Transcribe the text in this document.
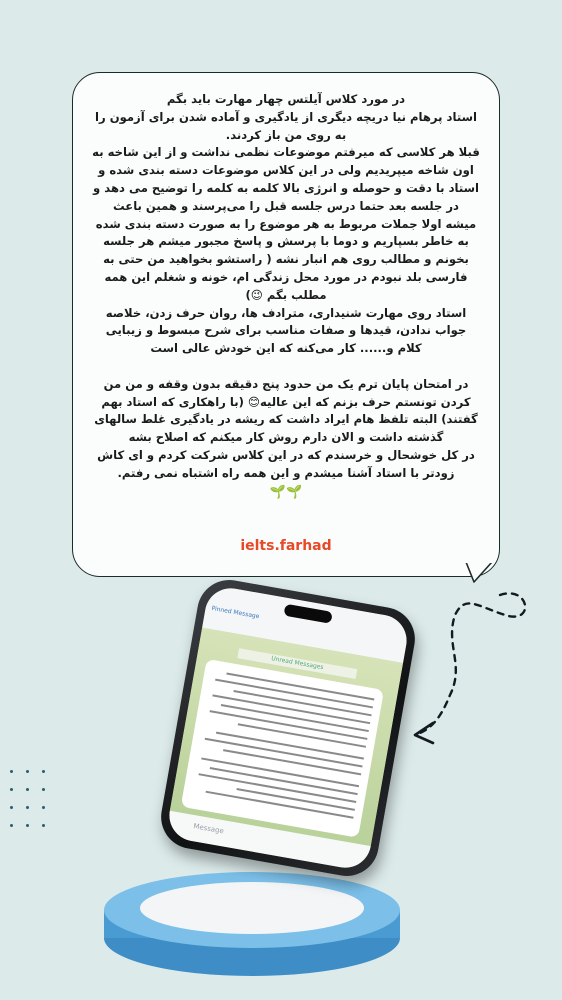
در مورد کلاس آیلتس چهار مهارت باید بگم
استاد پرهام نیا دریچه دیگری از یادگیری و آماده شدن برای آزمون را
به روی من باز کردند.

قبلا هر کلاسی که میرفتم موضوعات نظمی نداشت و از این شاخه به
اون شاخه میپریدیم ولی در این کلاس موضوعات دسته بندی شده و
استاد با دقت و حوصله و انرژی بالا کلمه به کلمه را توضیح می دهد و
در جلسه بعد حتما درس جلسه قبل را می‌پرسند و همین باعث
میشه اولا جملات مربوط به هر موضوع را به صورت دسته بندی شده
به خاطر بسپاریم و دوما با پرسش و پاسخ مجبور میشم هر جلسه
بخونم و مطالب روی هم انبار نشه ( راستشو بخواهید من حتی به
فارسی بلد نبودم در مورد محل زندگی ام، خونه و شغلم این همه
مطلب بگم 😉)

استاد روی مهارت شنیداری، مترادف ها، روان حرف زدن، خلاصه
جواب ندادن، قیدها و صفات مناسب برای شرح مبسوط و زیبایی
کلام و...... کار می‌کنه که این خودش عالی است

در امتحان پایان ترم یک من حدود پنج دقیقه بدون وقفه و من من
کردن تونستم حرف بزنم که این عالیه😊 (با راهکاری که استاد بهم
گفتند) البته تلفظ هام ایراد داشت که ریشه در یادگیری غلط سالهای
گذشته داشت و الان دارم روش کار میکنم که اصلاح بشه
در کل خوشحال و خرسندم که در این کلاس شرکت کردم و ای کاش
زودتر با استاد آشنا میشدم و این همه راه اشتباه نمی رفتم.

🌱🌱
ielts.farhad
Pinned Message
Unread Messages
Message
